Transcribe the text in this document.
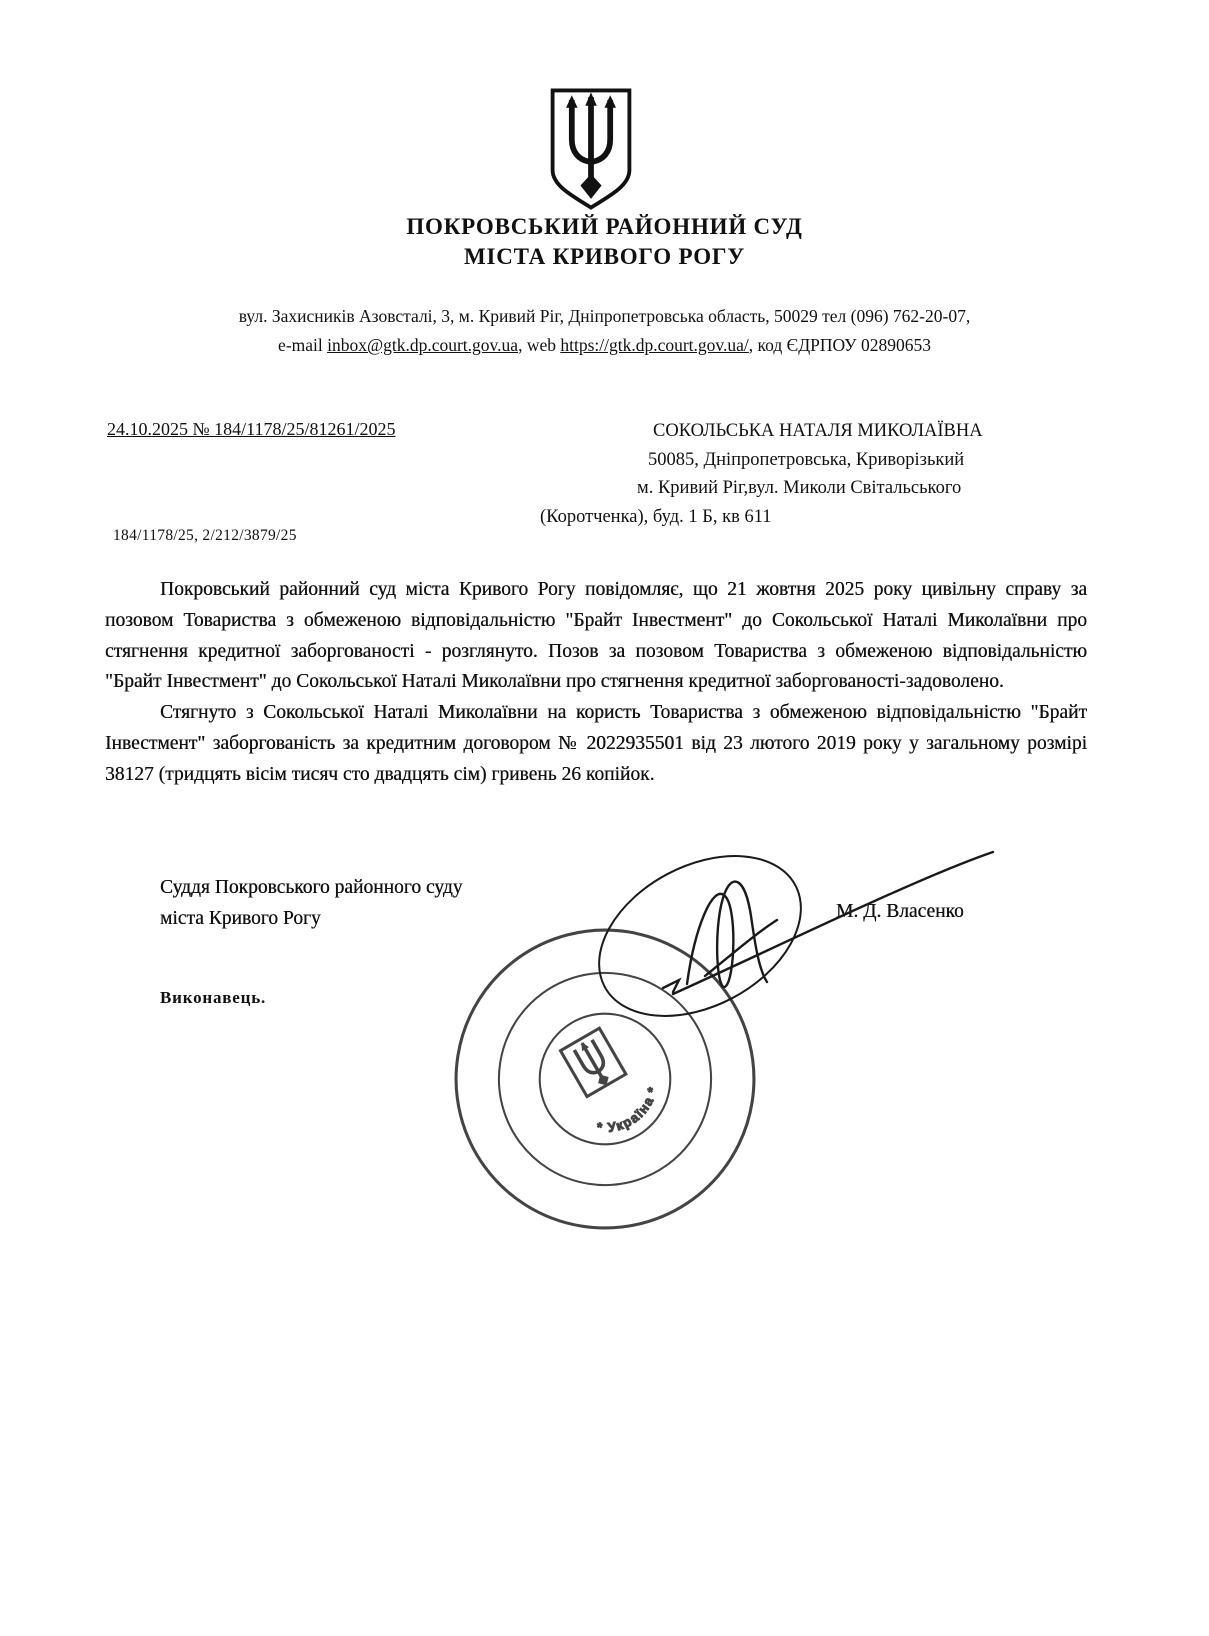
ПОКРОВСЬКИЙ РАЙОННИЙ СУД
МІСТА КРИВОГО РОГУ
вул. Захисників Азовсталі, 3, м. Кривий Ріг, Дніпропетровська область, 50029 тел (096) 762-20-07,
e-mail inbox@gtk.dp.court.gov.ua, web https://gtk.dp.court.gov.ua/, код ЄДРПОУ 02890653
24.10.2025 № 184/1178/25/81261/2025	СОКОЛЬСЬКА НАТАЛЯ МИКОЛАЇВНА
50085, Дніпропетровська, Криворізький
м. Кривий Ріг,вул. Миколи Світальського
(Коротченка), буд. 1 Б, кв 611
184/1178/25, 2/212/3879/25

Покровський районний суд міста Кривого Рогу повідомляє, що 21 жовтня 2025 року цивільну справу за позовом Товариства з обмеженою відповідальністю "Брайт Інвестмент" до Сокольської Наталі Миколаївни про стягнення кредитної заборгованості - розглянуто. Позов за позовом Товариства з обмеженою відповідальністю "Брайт Інвестмент" до Сокольської Наталі Миколаївни про стягнення кредитної заборгованості-задоволено.

Стягнуто з Сокольської Наталі Миколаївни на користь Товариства з обмеженою відповідальністю "Брайт Інвестмент" заборгованість за кредитним договором № 2022935501 від 23 лютого 2019 року у загальному розмірі 38127 (тридцять вісім тисяч сто двадцять сім) гривень 26 копійок.

Суддя Покровського районного суду
міста Кривого Рогу	М. Д. Власенко
Виконавець.
* Україна *
